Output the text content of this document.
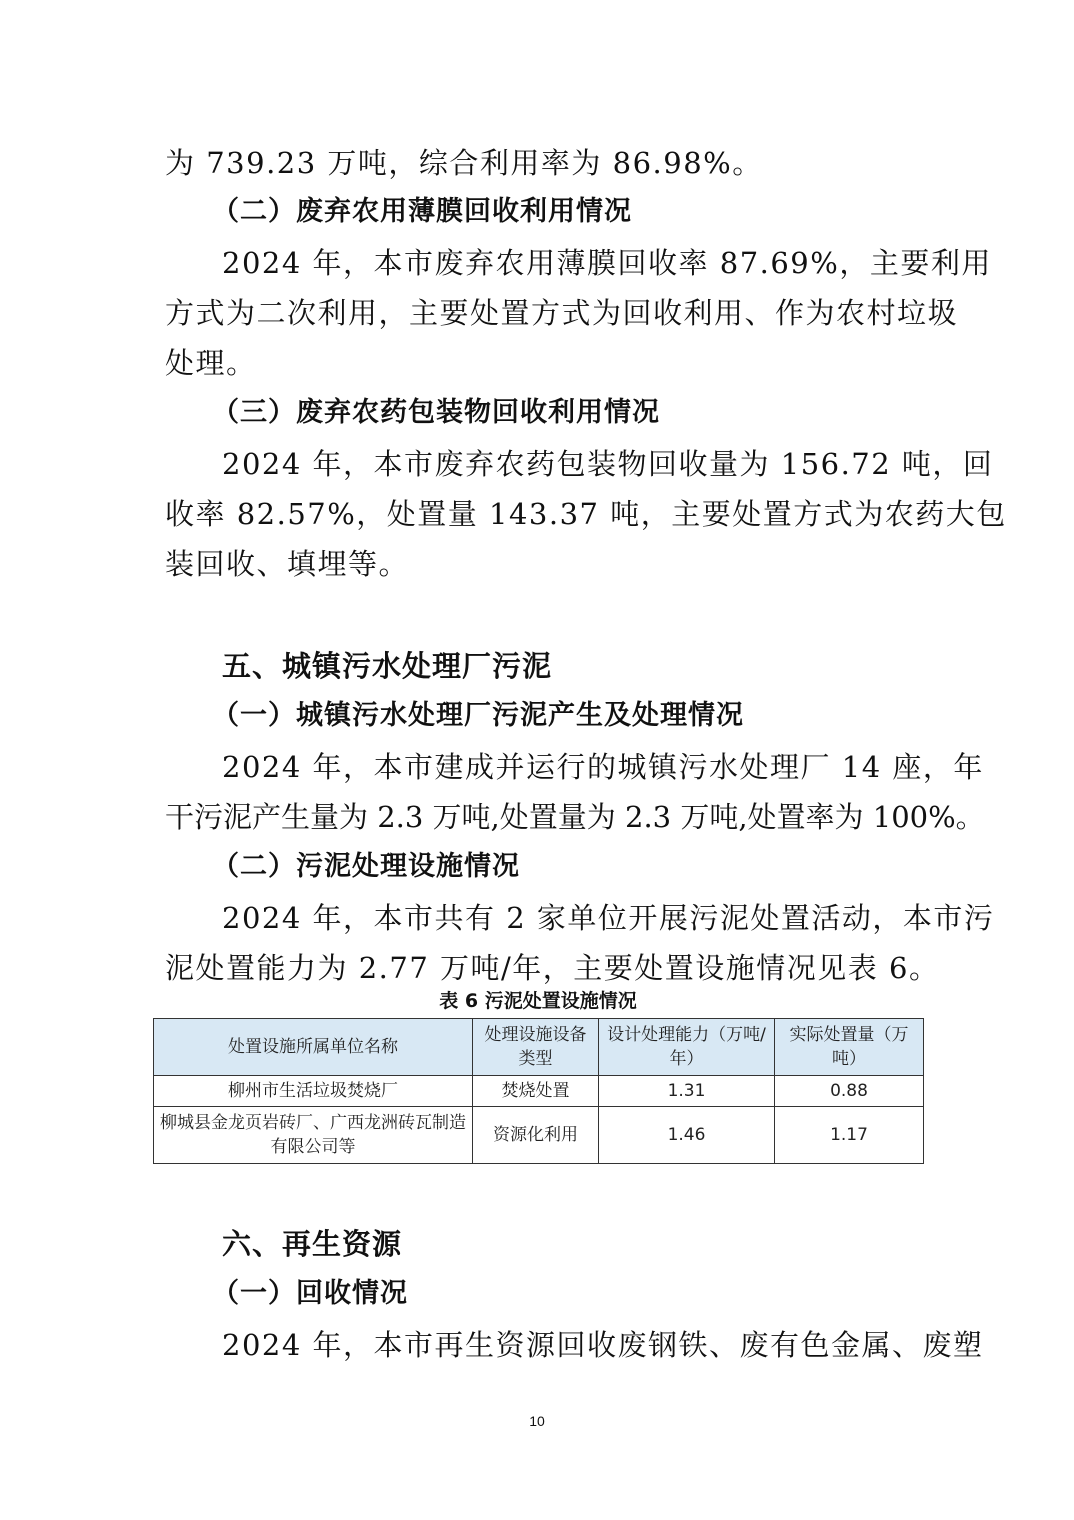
为 739.23 万吨，综合利用率为 86.98%。
（二）废弃农用薄膜回收利用情况
2024 年，本市废弃农用薄膜回收率 87.69%，主要利用
方式为二次利用，主要处置方式为回收利用、作为农村垃圾
处理。
（三）废弃农药包装物回收利用情况
2024 年，本市废弃农药包装物回收量为 156.72 吨，回
收率 82.57%，处置量 143.37 吨，主要处置方式为农药大包
装回收、填埋等。
五、城镇污水处理厂污泥
（一）城镇污水处理厂污泥产生及处理情况
2024 年，本市建成并运行的城镇污水处理厂 14 座，年
干污泥产生量为 2.3 万吨,处置量为 2.3 万吨,处置率为 100%。
（二）污泥处理设施情况
2024 年，本市共有 2 家单位开展污泥处置活动，本市污
泥处置能力为 2.77 万吨/年，主要处置设施情况见表 6。
表 6 污泥处置设施情况
处置设施所属单位名称	处理设施设备类型	设计处理能力（万吨/年）	实际处置量（万吨）
柳州市生活垃圾焚烧厂	焚烧处置	1.31	0.88
柳城县金龙页岩砖厂、广西龙洲砖瓦制造有限公司等	资源化利用	1.46	1.17
六、再生资源
（一）回收情况
2024 年，本市再生资源回收废钢铁、废有色金属、废塑
10
